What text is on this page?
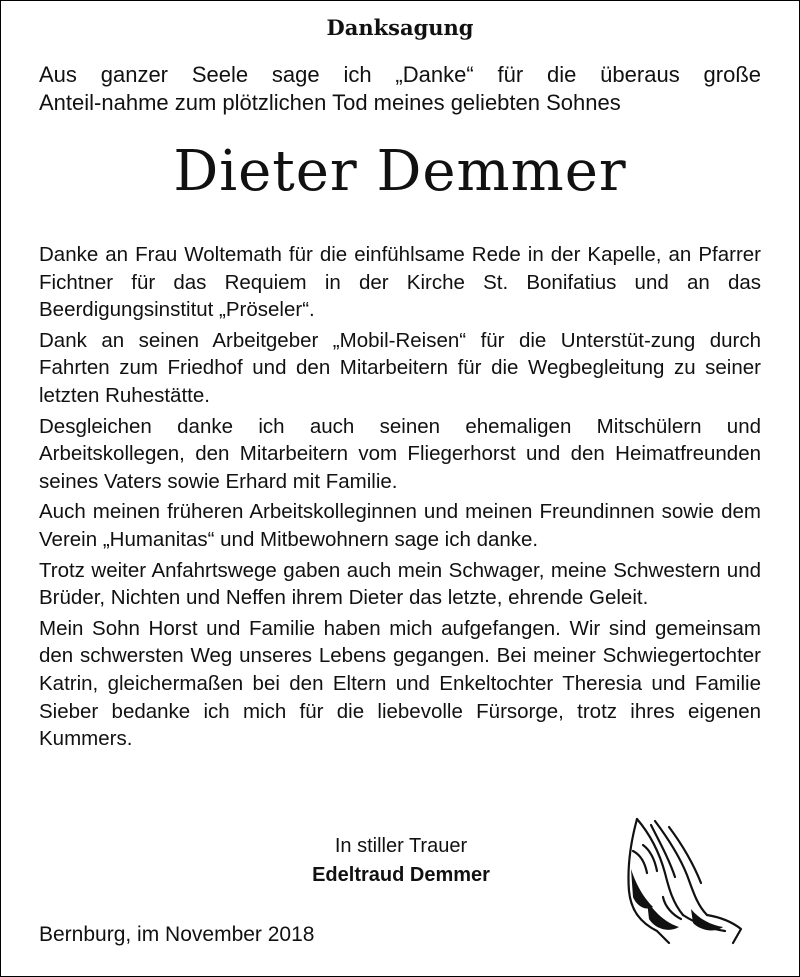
Danksagung
Aus ganzer Seele sage ich „Danke“ für die überaus große
Anteil-nahme zum plötzlichen Tod meines geliebten Sohnes
Dieter Demmer

Danke an Frau Woltemath für die einfühlsame Rede in der Kapelle, an Pfarrer Fichtner für das Requiem in der Kirche St. Bonifatius und an das Beerdigungsinstitut „Pröseler“.

Dank an seinen Arbeitgeber „Mobil-Reisen“ für die Unterstüt-zung durch Fahrten zum Friedhof und den Mitarbeitern für die Wegbegleitung zu seiner letzten Ruhestätte.

Desgleichen danke ich auch seinen ehemaligen Mitschülern und Arbeitskollegen, den Mitarbeitern vom Fliegerhorst und den Heimatfreunden seines Vaters sowie Erhard mit Familie.

Auch meinen früheren Arbeitskolleginnen und meinen Freundinnen sowie dem Verein „Humanitas“ und Mitbewohnern sage ich danke.

Trotz weiter Anfahrtswege gaben auch mein Schwager, meine Schwestern und Brüder, Nichten und Neffen ihrem Dieter das letzte, ehrende Geleit.

Mein Sohn Horst und Familie haben mich aufgefangen. Wir sind gemeinsam den schwersten Weg unseres Lebens gegangen. Bei meiner Schwiegertochter Katrin, gleichermaßen bei den Eltern und Enkeltochter Theresia und Familie Sieber bedanke ich mich für die liebevolle Fürsorge, trotz ihres eigenen Kummers.

In stiller Trauer
Edeltraud Demmer
Bernburg, im November 2018
